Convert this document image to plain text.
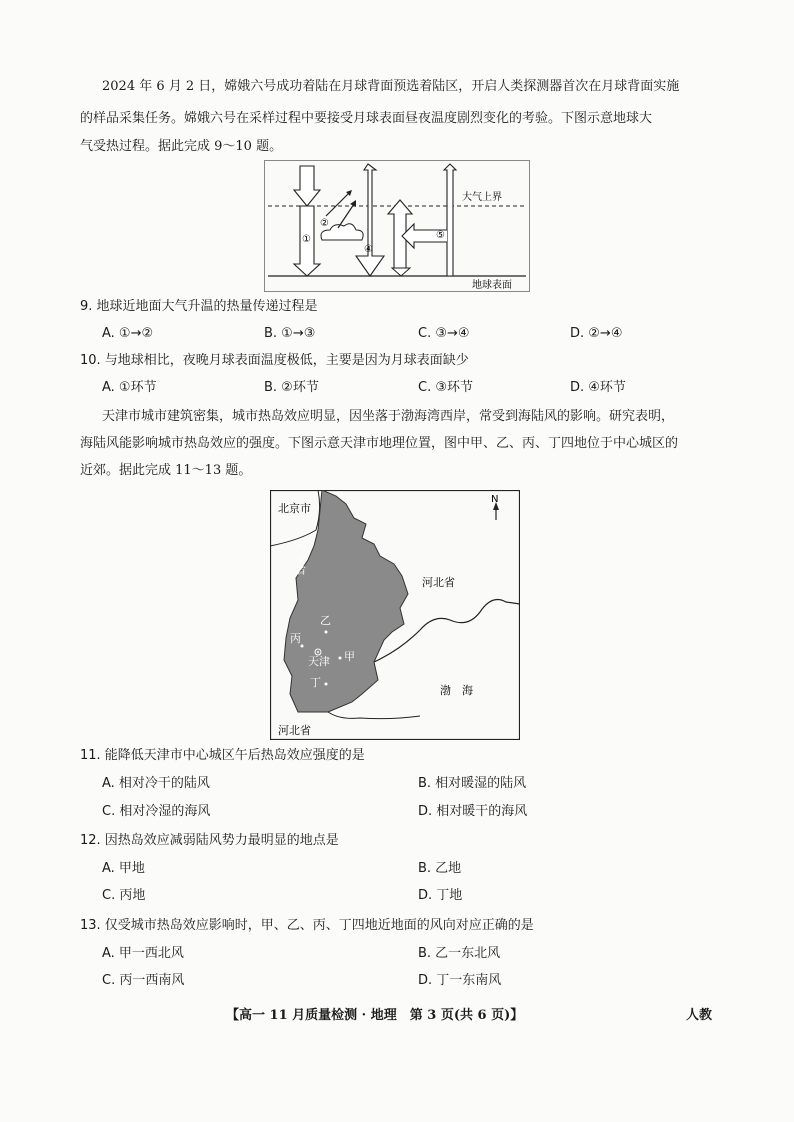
2024 年 6 月 2 日，嫦娥六号成功着陆在月球背面预选着陆区，开启人类探测器首次在月球背面实施
的样品采集任务。嫦娥六号在采样过程中要接受月球表面昼夜温度剧烈变化的考验。下图示意地球大
气受热过程。据此完成 9～10 题。
①
②
④
⑤
大气上界
地球表面
9. 地球近地面大气升温的热量传递过程是
A. ①→②	B. ①→③	C. ③→④	D. ②→④
10. 与地球相比，夜晚月球表面温度极低，主要是因为月球表面缺少
A. ①环节	B. ②环节	C. ③环节	D. ④环节
天津市城市建筑密集，城市热岛效应明显，因坐落于渤海湾西岸，常受到海陆风的影响。研究表明，
海陆风能影响城市热岛效应的强度。下图示意天津市地理位置，图中甲、乙、丙、丁四地位于中心城区的
近郊。据此完成 11～13 题。
北京市
河北省
河
北
省
河北省
渤　海
N
天津 甲
乙
丙
丁
11. 能降低天津市中心城区午后热岛效应强度的是
A. 相对冷干的陆风	B. 相对暖湿的陆风
C. 相对冷湿的海风	D. 相对暖干的海风
12. 因热岛效应减弱陆风势力最明显的地点是
A. 甲地	B. 乙地
C. 丙地	D. 丁地
13. 仅受城市热岛效应影响时，甲、乙、丙、丁四地近地面的风向对应正确的是
A. 甲一西北风	B. 乙一东北风
C. 丙一西南风	D. 丁一东南风
【高一 11 月质量检测 · 地理　第 3 页(共 6 页)】	人教
